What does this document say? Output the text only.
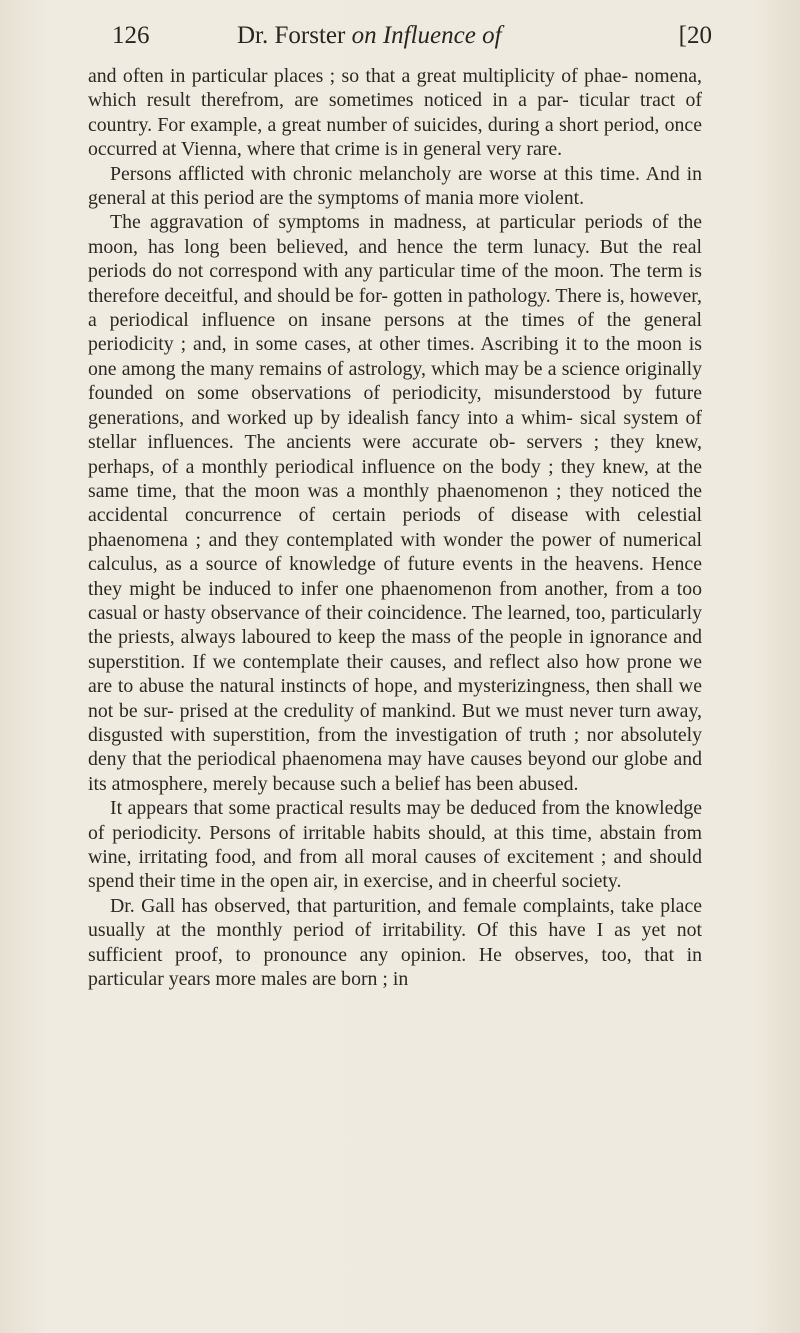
126	Dr. Forster on Influence of	[20

and often in particular places ; so that a great multiplicity of phae- nomena, which result therefrom, are sometimes noticed in a par- ticular tract of country. For example, a great number of suicides, during a short period, once occurred at Vienna, where that crime is in general very rare.

Persons afflicted with chronic melancholy are worse at this time. And in general at this period are the symptoms of mania more violent.

The aggravation of symptoms in madness, at particular periods of the moon, has long been believed, and hence the term lunacy. But the real periods do not correspond with any particular time of the moon. The term is therefore deceitful, and should be for- gotten in pathology. There is, however, a periodical influence on insane persons at the times of the general periodicity ; and, in some cases, at other times. Ascribing it to the moon is one among the many remains of astrology, which may be a science originally founded on some observations of periodicity, misunderstood by future generations, and worked up by idealish fancy into a whim- sical system of stellar influences. The ancients were accurate ob- servers ; they knew, perhaps, of a monthly periodical influence on the body ; they knew, at the same time, that the moon was a monthly phaenomenon ; they noticed the accidental concurrence of certain periods of disease with celestial phaenomena ; and they contemplated with wonder the power of numerical calculus, as a source of knowledge of future events in the heavens. Hence they might be induced to infer one phaenomenon from another, from a too casual or hasty observance of their coincidence. The learned, too, particularly the priests, always laboured to keep the mass of the people in ignorance and superstition. If we contemplate their causes, and reflect also how prone we are to abuse the natural instincts of hope, and mysterizingness, then shall we not be sur- prised at the credulity of mankind. But we must never turn away, disgusted with superstition, from the investigation of truth ; nor absolutely deny that the periodical phaenomena may have causes beyond our globe and its atmosphere, merely because such a belief has been abused.

It appears that some practical results may be deduced from the knowledge of periodicity. Persons of irritable habits should, at this time, abstain from wine, irritating food, and from all moral causes of excitement ; and should spend their time in the open air, in exercise, and in cheerful society.

Dr. Gall has observed, that parturition, and female complaints, take place usually at the monthly period of irritability. Of this have I as yet not sufficient proof, to pronounce any opinion. He observes, too, that in particular years more males are born ; in
